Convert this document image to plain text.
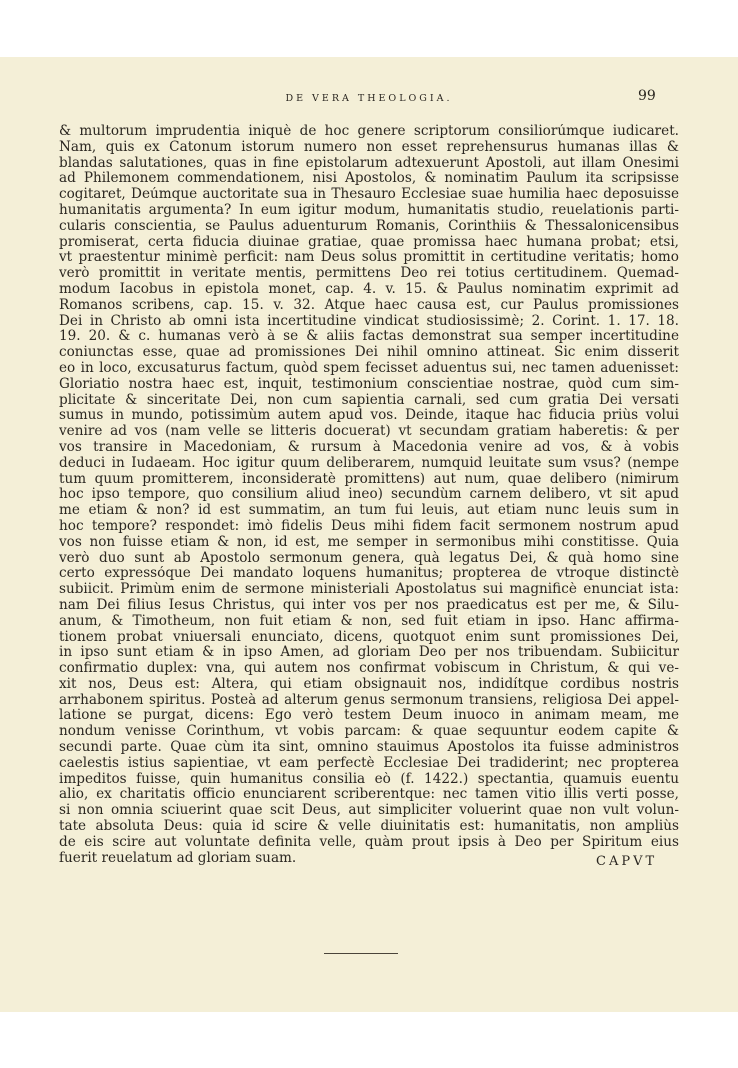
DE VERA THEOLOGIA.	99
& multorum imprudentia iniquè de hoc genere scriptorum consiliorúmque iudicaret.
Nam, quis ex Catonum istorum numero non esset reprehensurus humanas illas &
blandas salutationes, quas in fine epistolarum adtexuerunt Apostoli, aut illam Onesimi
ad Philemonem commendationem, nisi Apostolos, & nominatim Paulum ita scripsisse
cogitaret, Deúmque auctoritate sua in Thesauro Ecclesiae suae humilia haec deposuisse
humanitatis argumenta? In eum igitur modum, humanitatis studio, reuelationis parti-
cularis conscientia, se Paulus aduenturum Romanis, Corinthiis & Thessalonicensibus
promiserat, certa fiducia diuinae gratiae, quae promissa haec humana probat; etsi,
vt praestentur minimè perficit: nam Deus solus promittit in certitudine veritatis; homo
verò promittit in veritate mentis, permittens Deo rei totius certitudinem. Quemad-
modum Iacobus in epistola monet, cap. 4. v. 15. & Paulus nominatim exprimit ad
Romanos scribens, cap. 15. v. 32. Atque haec causa est, cur Paulus promissiones
Dei in Christo ab omni ista incertitudine vindicat studiosissimè; 2. Corint. 1. 17. 18.
19. 20. & c. humanas verò à se & aliis factas demonstrat sua semper incertitudine
coniunctas esse, quae ad promissiones Dei nihil omnino attineat. Sic enim disserit
eo in loco, excusaturus factum, quòd spem fecisset aduentus sui, nec tamen aduenisset:
Gloriatio nostra haec est, inquit, testimonium conscientiae nostrae, quòd cum sim-
plicitate & sinceritate Dei, non cum sapientia carnali, sed cum gratia Dei versati
sumus in mundo, potissimùm autem apud vos. Deinde, itaque hac fiducia priùs volui
venire ad vos (nam velle se litteris docuerat) vt secundam gratiam haberetis: & per
vos transire in Macedoniam, & rursum à Macedonia venire ad vos, & à vobis
deduci in Iudaeam. Hoc igitur quum deliberarem, numquid leuitate sum vsus? (nempe
tum quum promitterem, inconsideratè promittens) aut num, quae delibero (nimirum
hoc ipso tempore, quo consilium aliud ineo) secundùm carnem delibero, vt sit apud
me etiam & non? id est summatim, an tum fui leuis, aut etiam nunc leuis sum in
hoc tempore? respondet: imò fidelis Deus mihi fidem facit sermonem nostrum apud
vos non fuisse etiam & non, id est, me semper in sermonibus mihi constitisse. Quia
verò duo sunt ab Apostolo sermonum genera, quà legatus Dei, & quà homo sine
certo expressóque Dei mandato loquens humanitus; propterea de vtroque distinctè
subiicit. Primùm enim de sermone ministeriali Apostolatus sui magnificè enunciat ista:
nam Dei filius Iesus Christus, qui inter vos per nos praedicatus est per me, & Silu-
anum, & Timotheum, non fuit etiam & non, sed fuit etiam in ipso. Hanc affirma-
tionem probat vniuersali enunciato, dicens, quotquot enim sunt promissiones Dei,
in ipso sunt etiam & in ipso Amen, ad gloriam Deo per nos tribuendam. Subiicitur
confirmatio duplex: vna, qui autem nos confirmat vobiscum in Christum, & qui ve-
xit nos, Deus est: Altera, qui etiam obsignauit nos, indidítque cordibus nostris
arrhabonem spiritus. Posteà ad alterum genus sermonum transiens, religiosa Dei appel-
latione se purgat, dicens: Ego verò testem Deum inuoco in animam meam, me
nondum venisse Corinthum, vt vobis parcam: & quae sequuntur eodem capite &
secundi parte. Quae cùm ita sint, omnino stauimus Apostolos ita fuisse administros
caelestis istius sapientiae, vt eam perfectè Ecclesiae Dei tradiderint; nec propterea
impeditos fuisse, quin humanitus consilia eò (f. 1422.) spectantia, quamuis euentu
alio, ex charitatis officio enunciarent scriberentque: nec tamen vitio illis verti posse,
si non omnia sciuerint quae scit Deus, aut simpliciter voluerint quae non vult volun-
tate absoluta Deus: quia id scire & velle diuinitatis est: humanitatis, non ampliùs
de eis scire aut voluntate definita velle, quàm prout ipsis à Deo per Spiritum eius
fuerit reuelatum ad gloriam suam.	CAPVT
